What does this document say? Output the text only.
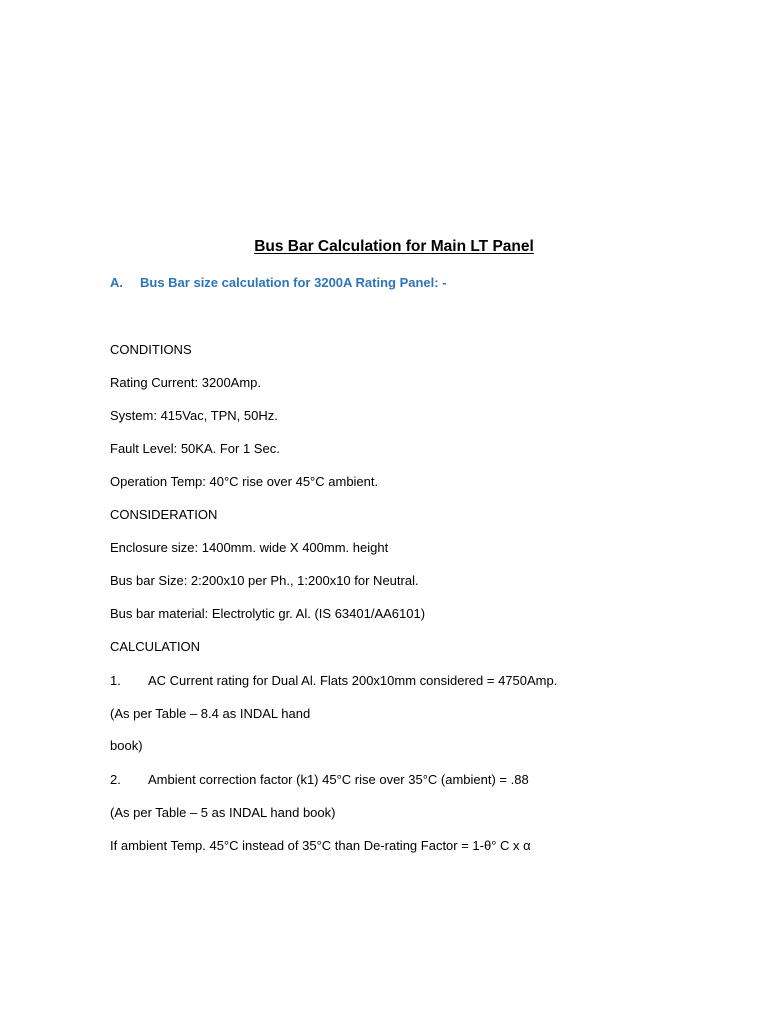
Bus Bar Calculation for Main LT Panel
A. Bus Bar size calculation for 3200A Rating Panel: -
CONDITIONS
Rating Current: 3200Amp.
System: 415Vac, TPN, 50Hz.
Fault Level: 50KA. For 1 Sec.
Operation Temp: 40°C rise over 45°C ambient.
CONSIDERATION
Enclosure size: 1400mm. wide X 400mm. height
Bus bar Size: 2:200x10 per Ph., 1:200x10 for Neutral.
Bus bar material: Electrolytic gr. Al. (IS 63401/AA6101)
CALCULATION
1. AC Current rating for Dual Al. Flats 200x10mm considered = 4750Amp.
(As per Table – 8.4 as INDAL hand
book)
2. Ambient correction factor (k1) 45°C rise over 35°C (ambient) = .88
(As per Table – 5 as INDAL hand book)
If ambient Temp. 45°C instead of 35°C than De-rating Factor = 1-θ° C x α
